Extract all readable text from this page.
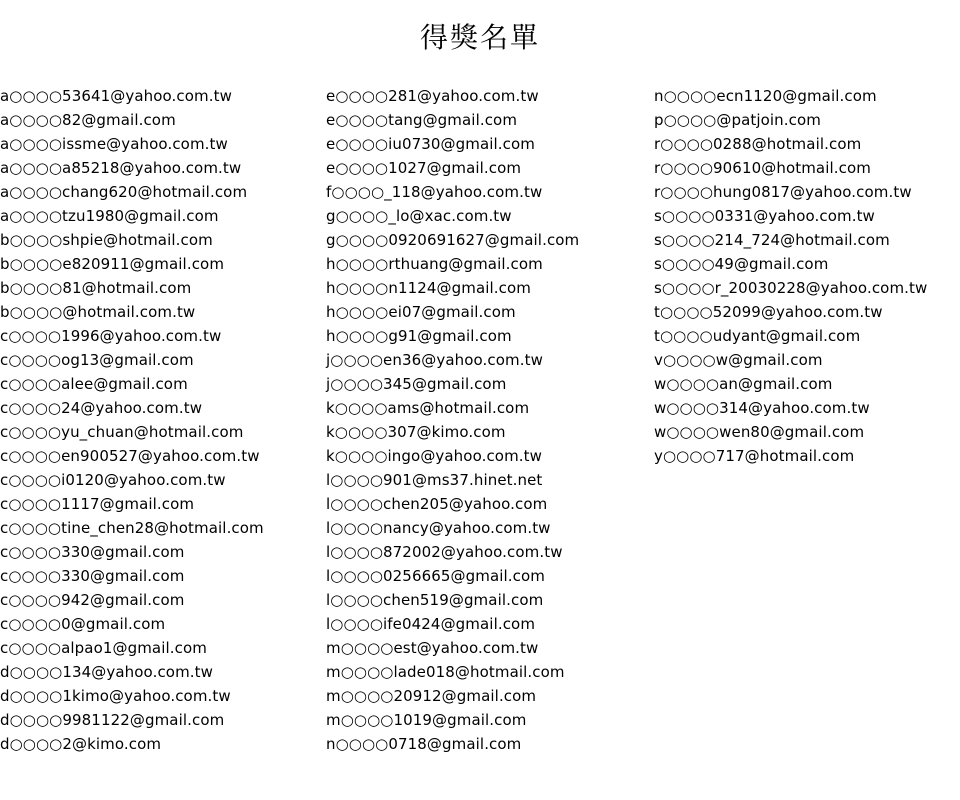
得獎名單
a○○○○53641@yahoo.com.tw
a○○○○82@gmail.com
a○○○○issme@yahoo.com.tw
a○○○○a85218@yahoo.com.tw
a○○○○chang620@hotmail.com
a○○○○tzu1980@gmail.com
b○○○○shpie@hotmail.com
b○○○○e820911@gmail.com
b○○○○81@hotmail.com
b○○○○@hotmail.com.tw
c○○○○1996@yahoo.com.tw
c○○○○og13@gmail.com
c○○○○alee@gmail.com
c○○○○24@yahoo.com.tw
c○○○○yu_chuan@hotmail.com
c○○○○en900527@yahoo.com.tw
c○○○○i0120@yahoo.com.tw
c○○○○1117@gmail.com
c○○○○tine_chen28@hotmail.com
c○○○○330@gmail.com
c○○○○330@gmail.com
c○○○○942@gmail.com
c○○○○0@gmail.com
c○○○○alpao1@gmail.com
d○○○○134@yahoo.com.tw
d○○○○1kimo@yahoo.com.tw
d○○○○9981122@gmail.com
d○○○○2@kimo.com
e○○○○281@yahoo.com.tw
e○○○○tang@gmail.com
e○○○○iu0730@gmail.com
e○○○○1027@gmail.com
f○○○○_118@yahoo.com.tw
g○○○○_lo@xac.com.tw
g○○○○0920691627@gmail.com
h○○○○rthuang@gmail.com
h○○○○n1124@gmail.com
h○○○○ei07@gmail.com
h○○○○g91@gmail.com
j○○○○en36@yahoo.com.tw
j○○○○345@gmail.com
k○○○○ams@hotmail.com
k○○○○307@kimo.com
k○○○○ingo@yahoo.com.tw
l○○○○901@ms37.hinet.net
l○○○○chen205@yahoo.com
l○○○○nancy@yahoo.com.tw
l○○○○872002@yahoo.com.tw
l○○○○0256665@gmail.com
l○○○○chen519@gmail.com
l○○○○ife0424@gmail.com
m○○○○est@yahoo.com.tw
m○○○○lade018@hotmail.com
m○○○○20912@gmail.com
m○○○○1019@gmail.com
n○○○○0718@gmail.com
n○○○○ecn1120@gmail.com
p○○○○@patjoin.com
r○○○○0288@hotmail.com
r○○○○90610@hotmail.com
r○○○○hung0817@yahoo.com.tw
s○○○○0331@yahoo.com.tw
s○○○○214_724@hotmail.com
s○○○○49@gmail.com
s○○○○r_20030228@yahoo.com.tw
t○○○○52099@yahoo.com.tw
t○○○○udyant@gmail.com
v○○○○w@gmail.com
w○○○○an@gmail.com
w○○○○314@yahoo.com.tw
w○○○○wen80@gmail.com
y○○○○717@hotmail.com
